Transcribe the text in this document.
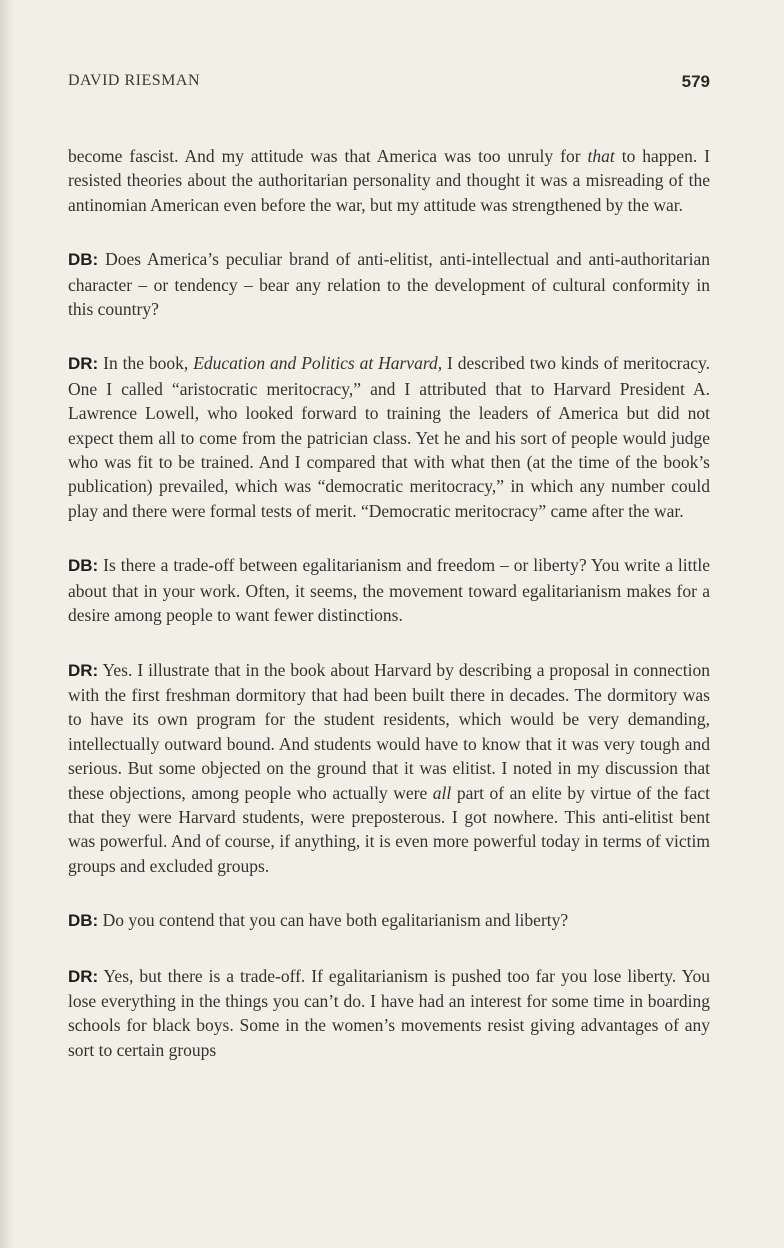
DAVID RIESMAN	579

become fascist. And my attitude was that America was too unruly for that to happen. I resisted theories about the authoritarian personality and thought it was a misreading of the antinomian American even before the war, but my attitude was strengthened by the war.

DB: Does America’s peculiar brand of anti-elitist, anti-intellectual and anti-authoritarian character – or tendency – bear any relation to the development of cultural conformity in this country?

DR: In the book, Education and Politics at Harvard, I described two kinds of meritocracy. One I called “aristocratic meritocracy,” and I attributed that to Harvard President A. Lawrence Lowell, who looked forward to training the leaders of America but did not expect them all to come from the patrician class. Yet he and his sort of people would judge who was fit to be trained. And I compared that with what then (at the time of the book’s publication) prevailed, which was “democratic meritocracy,” in which any number could play and there were formal tests of merit. “Democratic meritocracy” came after the war.

DB: Is there a trade-off between egalitarianism and freedom – or liberty? You write a little about that in your work. Often, it seems, the movement toward egalitarianism makes for a desire among people to want fewer distinctions.

DR: Yes. I illustrate that in the book about Harvard by describing a proposal in connection with the first freshman dormitory that had been built there in decades. The dormitory was to have its own program for the student residents, which would be very demanding, intellectually outward bound. And students would have to know that it was very tough and serious. But some objected on the ground that it was elitist. I noted in my discussion that these objections, among people who actually were all part of an elite by virtue of the fact that they were Harvard students, were preposterous. I got nowhere. This anti-elitist bent was powerful. And of course, if anything, it is even more powerful today in terms of victim groups and excluded groups.

DB: Do you contend that you can have both egalitarianism and liberty?

DR: Yes, but there is a trade-off. If egalitarianism is pushed too far you lose liberty. You lose everything in the things you can’t do. I have had an interest for some time in boarding schools for black boys. Some in the women’s movements resist giving advantages of any sort to certain groups
